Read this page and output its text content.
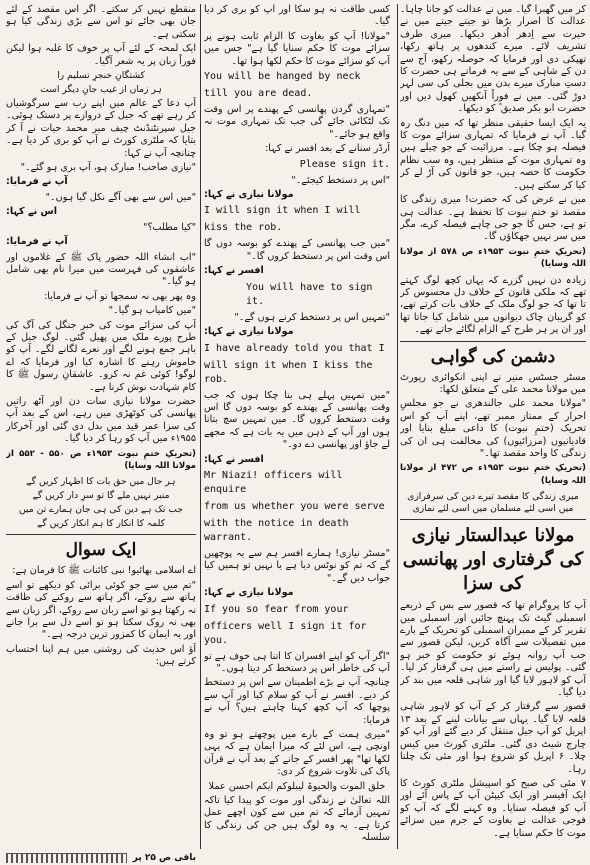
کر میں گھبرا گیا۔ میں نے عدالت کو جانا چاہا۔ عدالت کا اصرار بڑھا تو جیتے جیتے میں نے حیرت سے اِدھر اُدھر دیکھا۔ میری طرف تشریف لائے۔ میرے کندھوں پر ہاتھ رکھا، تھپکی دی اور فرمایا کہ حوصلہ رکھو، آج سے دن کے شاہی کے سے یہ فرماتے ہی حضرت کا دستِ مبارک میرے بدن میں بجلی کی سی لہر دوڑ گئی۔ میں نے فوراً آنکھیں کھول دیں اور حضرت ابو بکر صدیق ؓ کو دیکھا۔

یہ ایک ایسا حقیقی منظر تھا کہ میں دنگ رہ گیا۔ آپ نے فرمایا کہ تمہاری سزائے موت کا فیصلہ ہو چکا ہے۔ مرزائیت کے جو چیلے ہیں وہ تمہاری موت کے منتظر ہیں، وہ سب نظام حکومت کا حصہ ہیں، جو قانون کی آڑ لے کر کیا کر سکتے ہیں۔

میں نے عرض کی کہ حضرت! میری زندگی کا مقصد تو ختمِ نبوت کا تحفظ ہے۔ عدالت ہی تو ہے، جس کا جو جی چاہے فیصلہ کرے، مگر میں سر نہیں جھکاؤں گا۔

(تحریکِ ختمِ نبوت ۱۹۵۳ء ص ۵۷۸ از مولانا اللہ وسایا)

زیادہ دن نہیں گزرے کہ یہاں کچھ لوگ کہتے تھے کہ ملکی قانون کے خلاف دل محسوس کر تا تھا کہ جو لوگ ملک کے خلاف بات کرتے تھے، کو گریبان چاک دیوانوں میں شامل کیا جاتا تھا اور ان پر ہر طرح کے الزام لگائے جاتے تھے۔

دشمن کی گواہی

مسٹر جسٹس منیر نے اپنی انکوائری رپورٹ میں مولانا محمد علی کے متعلق لکھا:

"مولانا محمد علی جالندھری نے جو مجلسِ احرار کے ممتاز ممبر تھے، اپنے آپ کو اس تحریک (ختمِ نبوت) کا داعی مبلغ بنایا اور قادیانیوں (مرزائیوں) کی مخالفت ہی ان کی زندگی کا واحد مقصد تھا۔"

(تحریکِ ختمِ نبوت ۱۹۵۳ء ص ۴۷۲ از مولانا اللہ وسایا)

میری زندگی کا مقصد تیرے دین کی سرفرازی میں اسی لئے مسلمان میں اسی لئے نمازی

مولانا عبدالستار نیازی کی گرفتاری اور پھانسی کی سزا

آپ کا پروگرام تھا کہ قصور سے بس کے ذریعے اسمبلی گیٹ تک پہنچ جائیں اور اسمبلی میں تقریر کر کے ممبران اسمبلی کو تحریک کے بارے میں تفصیلات سے آگاہ کریں، لیکن قصور سے جب آپ روانہ ہوئے تو حکومت کو خبر ہو گئی۔ پولیس نے راستے میں ہی گرفتار کر لیا۔ آپ کو لاہور لایا گیا اور شاہی قلعہ میں بند کر دیا گیا۔

قصور سے گرفتار کر کے آپ کو لاہور شاہی قلعہ لایا گیا۔ یہاں سے بیانات لینے کے بعد ۱۳ اپریل کو آپ جیل منتقل کر دیے گئے اور آپ کو چارج شیٹ دی گئی۔ ملٹری کورٹ میں کیس چلا۔ ۶ اپریل کو شروع ہوا اور مئی تک چلتا رہا۔

۷ مئی کی صبح کو اسپیشل ملٹری کورٹ کا ایک آفیسر اور ایک کیپٹن آپ کے پاس آئے اور آپ کو فیصلہ سنایا۔ وہ کہنے لگے کہ آپ کو فوجی عدالت نے بغاوت کے جرم میں سزائے موت کا حکم سنایا ہے۔

کسی طاقت نہ ہو سکا اور آپ کو بری کر دیا گیا۔

"مولانا! آپ کو بغاوت کا الزام ثابت ہونے پر سزائے موت کا حکم سنایا گیا ہے" جس میں آپ کو سزائے موت کا حکم لکھا ہوا تھا۔

You will be hanged by neck
till you are dead.

"تمہاری گردن پھانسی کے پھندے پر اس وقت تک لٹکائی جائے گی جب تک تمہاری موت نہ واقع ہو جائے۔"

آرڈر سنانے کے بعد افسر نے کہا:

Please sign it.

"اس پر دستخط کیجئے۔"

مولانا نیازی نے کہا:

I will sign it when I will
kiss the rob.

"میں جب پھانسی کے پھندے کو بوسہ دوں گا اس وقت اس پر دستخط کروں گا۔"

افسر نے کہا:

You will have to sign it.

"تمہیں اس پر دستخط کرنے ہوں گے۔"

مولانا نیازی نے کہا:

I have already told you that I
will sign it when I kiss the rob.

"میں تمہیں پہلے ہی بتا چکا ہوں کہ جب وقت پھانسی کے پھندے کو بوسہ دوں گا اس وقت دستخط کروں گا۔ میں تمہیں سچ بتاتا ہوں اور آپ کے ذہن میں یہ بات ہے کہ مجھے لے جاؤ اور پھانسی دے دو۔"

افسر نے کہا:

Mr Niazi! officers will enquire
from us whether you were serve
with the notice in death warrant.

"مسٹر نیازی! ہمارے افسر ہم سے یہ پوچھیں گے کہ تم کو نوٹس دیا ہے یا نہیں تو ہمیں کیا جواب دیں گے۔"

مولانا نیازی نے کہا:

If you so fear from your
officers well I sign it for you.

"اگر آپ کو اپنے افسران کا اتنا ہی خوف ہے تو آپ کی خاطر اس پر دستخط کر دیتا ہوں۔"

چنانچہ آپ نے بڑے اطمینان سے اس پر دستخط کر دیے۔ افسر نے آپ کو سلام کیا اور آپ سے پوچھا کہ آپ کچھ کہنا چاہتے ہیں؟ آپ نے فرمایا:

"میری ہمت کے بارے میں پوچھتے ہو تو وہ اونچی ہے، اس لئے کہ میرا ایمان ہے کہ یہی لکھا تھا" پھر افسر کے جانے کے بعد آپ نے قرآن پاک کی تلاوت شروع کر دی:

خلق الموت والحیوۃ لیبلوکم ایکم احسن عملا

اللہ تعالیٰ نے زندگی اور موت کو پیدا کیا تاکہ تمہیں آزمائے کہ تم میں سے کون اچھے عمل کرتا ہے۔ یہ وہ لوگ ہیں جن کی زندگی کا سلسلہ

منقطع نہیں کر سکتے۔ اگر اس مقصد کے لئے جان بھی جائے تو اس سے بڑی زندگی کیا ہو سکتی ہے۔

ایک لمحہ کے لئے آپ پر خوف کا غلبہ ہوا لیکن فوراً زبان پر یہ شعر آگیا۔

کشتگانِ خنجرِ تسلیم را

ہر زماں از غیب جانِ دیگر است

آپ دعا کے عالم میں اپنے رب سے سرگوشیاں کر رہے تھے کہ جیل کے دروازے پر دستک ہوئی۔ جیل سپرنٹنڈنٹ چیف میر محمد حیات نے آ کر بتایا کہ ملٹری کورٹ نے آپ کو بری کر دیا ہے۔ چنانچہ آپ نے کہا:

"نیازی صاحب! مبارک ہو، آپ بری ہو گئے۔"

آپ نے فرمایا:

"میں اس سے بھی آگے نکل گیا ہوں۔"

اس نے کہا:

"کیا مطلب؟"

آپ نے فرمایا:

"اب انشاء اللہ حضور پاک ﷺ کے غلاموں اور عاشقوں کی فہرست میں میرا نام بھی شامل ہو گیا۔"

وہ پھر بھی نہ سمجھا تو آپ نے فرمایا:

"میں کامیاب ہو گیا۔"

آپ کی سزائے موت کی خبر جنگل کی آگ کی طرح پورے ملک میں پھیل گئی۔ لوگ جیل کے باہر جمع ہونے لگے اور نعرے لگانے لگے۔ آپ کو خاموش رہنے کا اشارہ کیا اور فرمایا کہ اے لوگو! کوئی غم نہ کرو۔ عاشقانِ رسول ﷺ کا کام شہادت نوش کرنا ہے۔

حضرت مولانا نیازی سات دن اور آٹھ راتیں پھانسی کی کوٹھڑی میں رہے، اس کے بعد آپ کی سزا عمر قید میں بدل دی گئی اور آخرکار ۱۹۵۵ء میں آپ کو رہا کر دیا گیا۔

(تحریکِ ختمِ نبوت ۱۹۵۳ء ص ۵۵۰ - ۵۵۲ از مولانا اللہ وسایا)

ہر حال میں حق بات کا اظہار کریں گے

منبر نہیں ملے گا تو سرِ دار کریں گے

جب تک ہے دین کی ہی جان ہمارے تن میں

کلمہ کا انکار کا ہم انکار کریں گے

ایک سوال

اے اسلامی بھائیو! نبی کائنات ﷺ کا فرمان ہے:

"تم میں سے جو کوئی برائی کو دیکھے تو اسے ہاتھ سے روکے، اگر ہاتھ سے روکنے کی طاقت نہ رکھتا ہو تو اسے زبان سے روکے، اگر زبان سے بھی نہ روک سکتا ہو تو اسے دل سے برا جانے اور یہ ایمان کا کمزور ترین درجہ ہے۔"

آؤ اس حدیث کی روشنی میں ہم اپنا احتساب کرتے ہیں:

باقی ص ۲۵ پر
